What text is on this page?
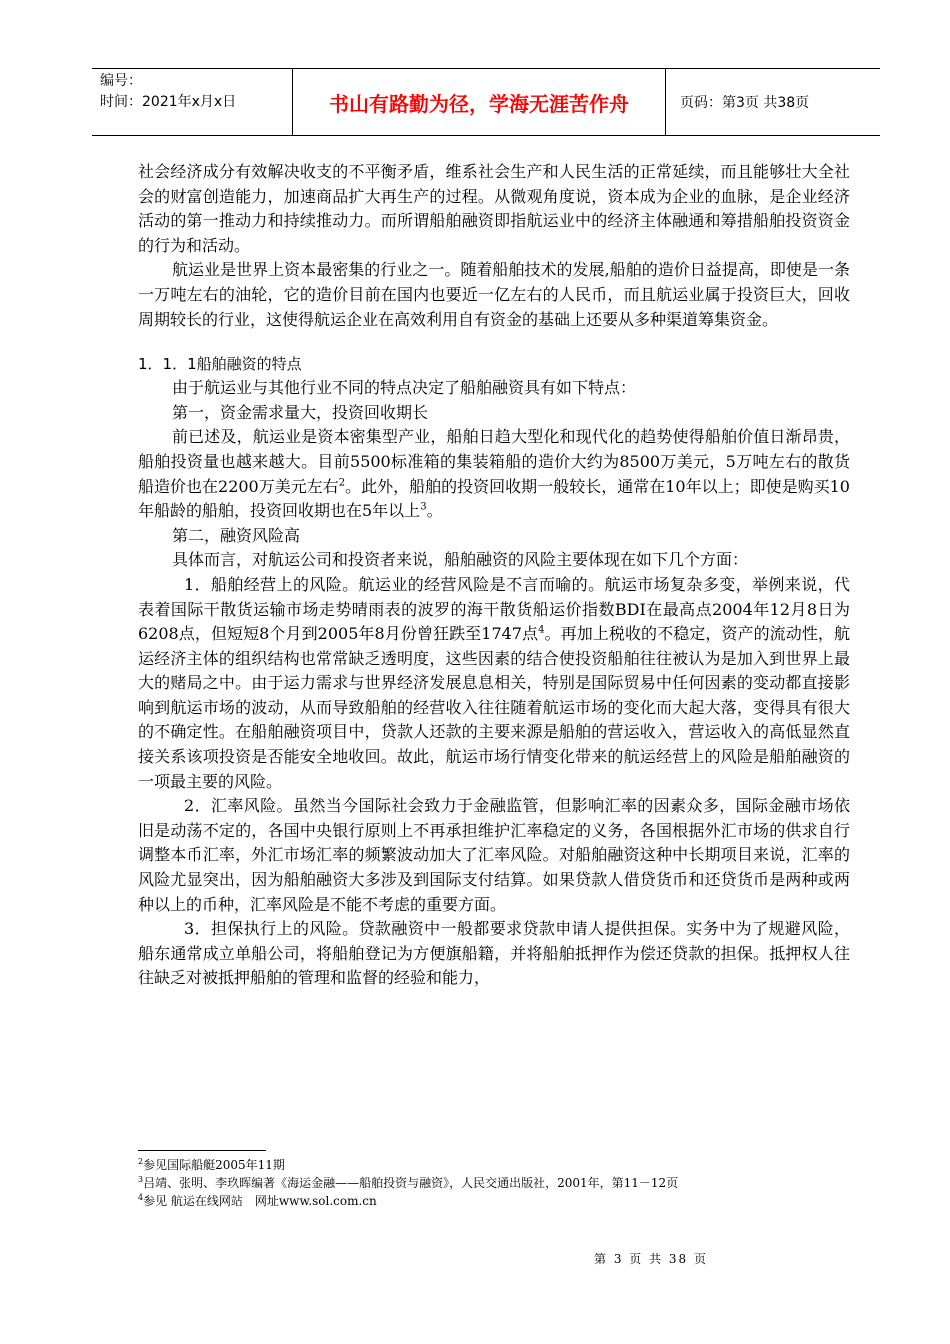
编号：
时间：2021年x月x日	书山有路勤为径，学海无涯苦作舟	页码：第3页 共38页

社会经济成分有效解决收支的不平衡矛盾，维系社会生产和人民生活的正常延续，而且能够壮大全社会的财富创造能力，加速商品扩大再生产的过程。从微观角度说，资本成为企业的血脉，是企业经济活动的第一推动力和持续推动力。而所谓船舶融资即指航运业中的经济主体融通和筹措船舶投资资金的行为和活动。

航运业是世界上资本最密集的行业之一。随着船舶技术的发展,船舶的造价日益提高，即使是一条一万吨左右的油轮，它的造价目前在国内也要近一亿左右的人民币，而且航运业属于投资巨大，回收周期较长的行业，这使得航运企业在高效利用自有资金的基础上还要从多种渠道筹集资金。

1．1．1船舶融资的特点

由于航运业与其他行业不同的特点决定了船舶融资具有如下特点：

第一，资金需求量大，投资回收期长

前已述及，航运业是资本密集型产业，船舶日趋大型化和现代化的趋势使得船舶价值日渐昂贵，船舶投资量也越来越大。目前5500标准箱的集装箱船的造价大约为8500万美元，5万吨左右的散货船造价也在2200万美元左右$^2$。此外，船舶的投资回收期一般较长，通常在10年以上；即使是购买10年船龄的船舶，投资回收期也在5年以上$^3$。

第二，融资风险高

具体而言，对航运公司和投资者来说，船舶融资的风险主要体现在如下几个方面：

1．船舶经营上的风险。航运业的经营风险是不言而喻的。航运市场复杂多变，举例来说，代表着国际干散货运输市场走势晴雨表的波罗的海干散货船运价指数BDI在最高点2004年12月8日为6208点，但短短8个月到2005年8月份曾狂跌至1747点$^4$。再加上税收的不稳定，资产的流动性，航运经济主体的组织结构也常常缺乏透明度，这些因素的结合使投资船舶往往被认为是加入到世界上最大的赌局之中。由于运力需求与世界经济发展息息相关，特别是国际贸易中任何因素的变动都直接影响到航运市场的波动，从而导致船舶的经营收入往往随着航运市场的变化而大起大落，变得具有很大的不确定性。在船舶融资项目中，贷款人还款的主要来源是船舶的营运收入，营运收入的高低显然直接关系该项投资是否能安全地收回。故此，航运市场行情变化带来的航运经营上的风险是船舶融资的一项最主要的风险。

2．汇率风险。虽然当今国际社会致力于金融监管，但影响汇率的因素众多，国际金融市场依旧是动荡不定的，各国中央银行原则上不再承担维护汇率稳定的义务，各国根据外汇市场的供求自行调整本币汇率，外汇市场汇率的频繁波动加大了汇率风险。对船舶融资这种中长期项目来说，汇率的风险尤显突出，因为船舶融资大多涉及到国际支付结算。如果贷款人借贷货币和还贷货币是两种或两种以上的币种，汇率风险是不能不考虑的重要方面。

3．担保执行上的风险。贷款融资中一般都要求贷款申请人提供担保。实务中为了规避风险，船东通常成立单船公司，将船舶登记为方便旗船籍，并将船舶抵押作为偿还贷款的担保。抵押权人往往缺乏对被抵押船舶的管理和监督的经验和能力，

$^2$参见国际船艇2005年11期

$^3$吕靖、张明、李玖晖编著《海运金融——船舶投资与融资》，人民交通出版社，2001年，第11－12页

$^4$参见 航运在线网站　网址www.sol.com.cn

第 3 页 共 38 页
